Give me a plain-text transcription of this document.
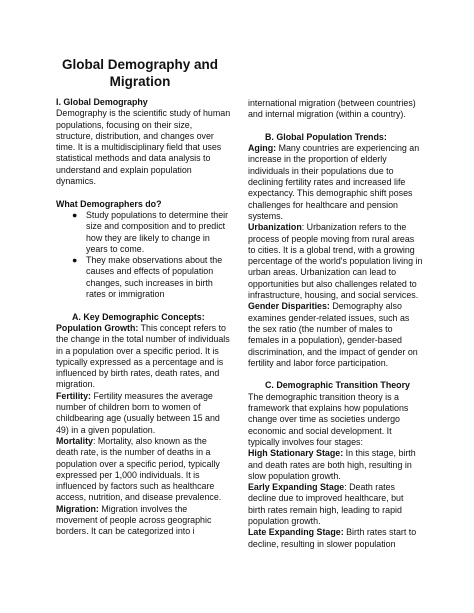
Global Demography and
Migration

I. Global Demography

Demography is the scientific study of human

populations, focusing on their size,

structure, distribution, and changes over

time. It is a multidisciplinary field that uses

statistical methods and data analysis to

understand and explain population

dynamics.

What Demographers do?

● Study populations to determine their
size and composition and to predict
how they are likely to change in
years to come.
● They make observations about the
causes and effects of population
changes, such increases in birth
rates or immigration

A. Key Demographic Concepts:

Population Growth: This concept refers to

the change in the total number of individuals

in a population over a specific period. It is

typically expressed as a percentage and is

influenced by birth rates, death rates, and

migration.

Fertility: Fertility measures the average

number of children born to women of

childbearing age (usually between 15 and

49) in a given population.

Mortality: Mortality, also known as the

death rate, is the number of deaths in a

population over a specific period, typically

expressed per 1,000 individuals. It is

influenced by factors such as healthcare

access, nutrition, and disease prevalence.

Migration: Migration involves the

movement of people across geographic

borders. It can be categorized into i

international migration (between countries)

and internal migration (within a country).

B. Global Population Trends:

Aging: Many countries are experiencing an

increase in the proportion of elderly

individuals in their populations due to

declining fertility rates and increased life

expectancy. This demographic shift poses

challenges for healthcare and pension

systems.

Urbanization: Urbanization refers to the

process of people moving from rural areas

to cities. It is a global trend, with a growing

percentage of the world's population living in

urban areas. Urbanization can lead to

opportunities but also challenges related to

infrastructure, housing, and social services.

Gender Disparities: Demography also

examines gender-related issues, such as

the sex ratio (the number of males to

females in a population), gender-based

discrimination, and the impact of gender on

fertility and labor force participation.

C. Demographic Transition Theory

The demographic transition theory is a

framework that explains how populations

change over time as societies undergo

economic and social development. It

typically involves four stages:

High Stationary Stage: In this stage, birth

and death rates are both high, resulting in

slow population growth.

Early Expanding Stage: Death rates

decline due to improved healthcare, but

birth rates remain high, leading to rapid

population growth.

Late Expanding Stage: Birth rates start to

decline, resulting in slower population
